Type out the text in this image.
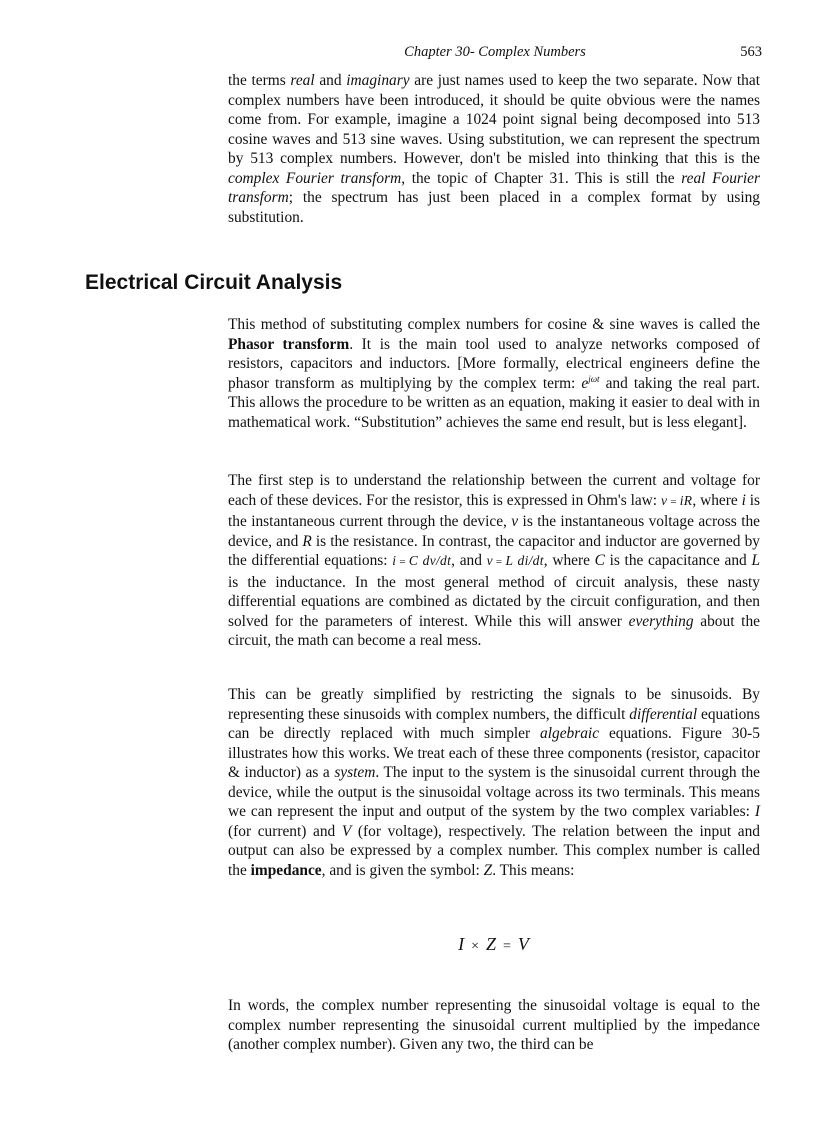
Chapter 30- Complex Numbers	563

the terms real and imaginary are just names used to keep the two separate. Now that complex numbers have been introduced, it should be quite obvious were the names come from. For example, imagine a 1024 point signal being decomposed into 513 cosine waves and 513 sine waves. Using substitution, we can represent the spectrum by 513 complex numbers. However, don't be misled into thinking that this is the complex Fourier transform, the topic of Chapter 31. This is still the real Fourier transform; the spectrum has just been placed in a complex format by using substitution.

Electrical Circuit Analysis

This method of substituting complex numbers for cosine & sine waves is called the Phasor transform. It is the main tool used to analyze networks composed of resistors, capacitors and inductors. [More formally, electrical engineers define the phasor transform as multiplying by the complex term: $e^{j\omega t}$ and taking the real part. This allows the procedure to be written as an equation, making it easier to deal with in mathematical work. “Substitution” achieves the same end result, but is less elegant].

The first step is to understand the relationship between the current and voltage for each of these devices. For the resistor, this is expressed in Ohm's law: v = iR, where i is the instantaneous current through the device, v is the instantaneous voltage across the device, and R is the resistance. In contrast, the capacitor and inductor are governed by the differential equations: i = C dv/dt, and v = L di/dt, where C is the capacitance and L is the inductance. In the most general method of circuit analysis, these nasty differential equations are combined as dictated by the circuit configuration, and then solved for the parameters of interest. While this will answer everything about the circuit, the math can become a real mess.

This can be greatly simplified by restricting the signals to be sinusoids. By representing these sinusoids with complex numbers, the difficult differential equations can be directly replaced with much simpler algebraic equations. Figure 30-5 illustrates how this works. We treat each of these three components (resistor, capacitor & inductor) as a system. The input to the system is the sinusoidal current through the device, while the output is the sinusoidal voltage across its two terminals. This means we can represent the input and output of the system by the two complex variables: I (for current) and V (for voltage), respectively. The relation between the input and output can also be expressed by a complex number. This complex number is called the impedance, and is given the symbol: Z. This means:

I × Z = V

In words, the complex number representing the sinusoidal voltage is equal to the complex number representing the sinusoidal current multiplied by the impedance (another complex number). Given any two, the third can be
